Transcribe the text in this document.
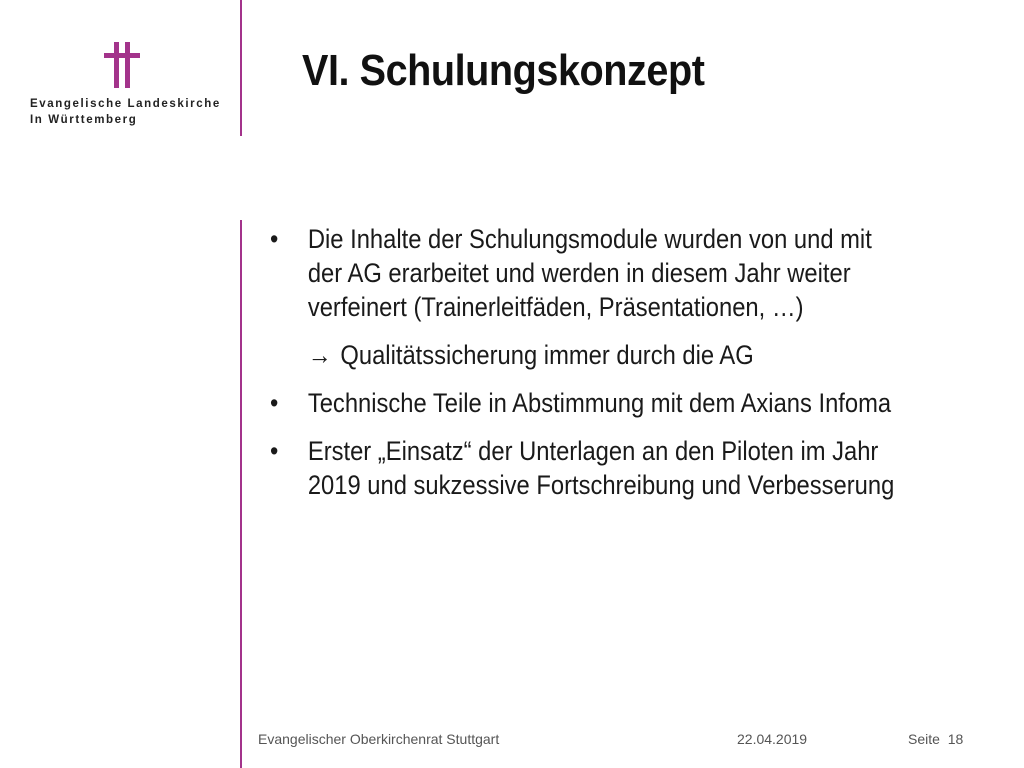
Evangelische Landeskirche
In Württemberg
VI. Schulungskonzept
• Die Inhalte der Schulungsmodule wurden von und mit der AG erarbeitet und werden in diesem Jahr weiter verfeinert (Trainerleitfäden, Präsentationen, …)
→ Qualitätssicherung immer durch die AG
• Technische Teile in Abstimmung mit dem Axians Infoma
• Erster „Einsatz“ der Unterlagen an den Piloten im Jahr 2019 und sukzessive Fortschreibung und Verbesserung
Evangelischer Oberkirchenrat Stuttgart	22.04.2019	Seite 18
